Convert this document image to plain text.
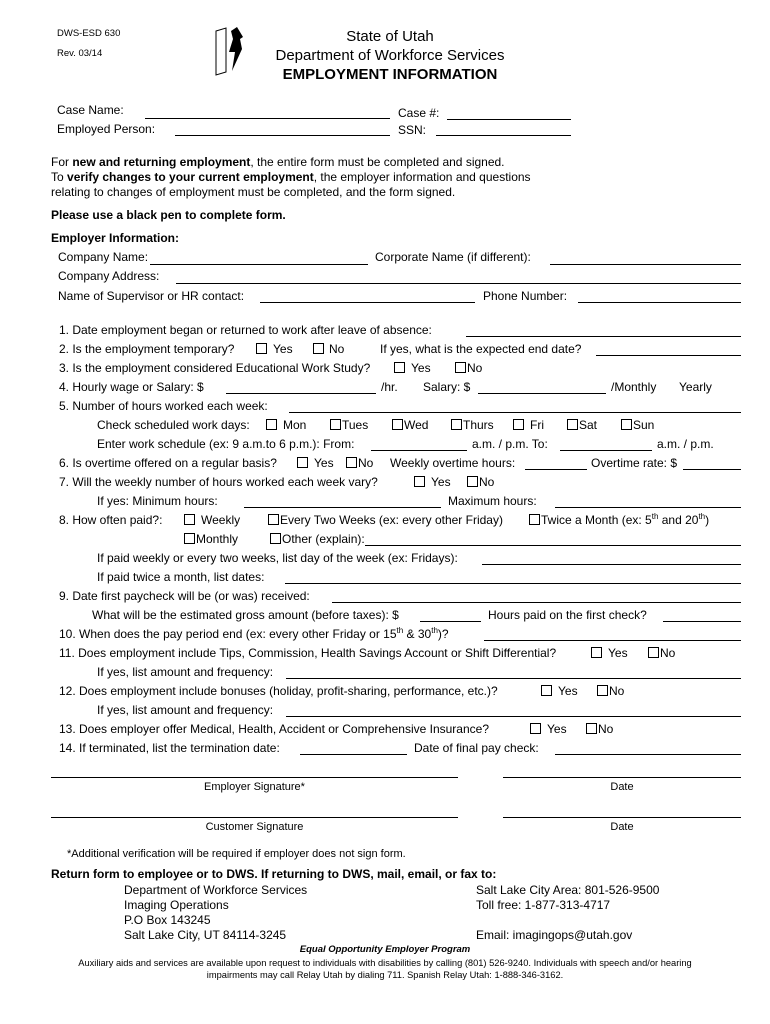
DWS-ESD 630
Rev. 03/14
State of Utah
Department of Workforce Services
EMPLOYMENT INFORMATION
Case Name:
Employed Person:
Case #:
SSN:
For new and returning employment, the entire form must be completed and signed.
To verify changes to your current employment, the employer information and questions
relating to changes of employment must be completed, and the form signed.
Please use a black pen to complete form.
Employer Information:
Company Name:	Corporate Name (if different):
Company Address:
Name of Supervisor or HR contact:	Phone Number:
1. Date employment began or returned to work after leave of absence:
2. Is the employment temporary?	Yes	No	If yes, what is the expected end date?
3. Is the employment considered Educational Work Study?	Yes	No
4. Hourly wage or Salary: $	/hr. Salary: $	/Monthly Yearly
5. Number of hours worked each week:
Check scheduled work days:	Mon	Tues	Wed	Thurs	Fri	Sat	Sun
Enter work schedule (ex: 9 a.m.to 6 p.m.): From:	a.m. / p.m. To:	a.m. / p.m.
6. Is overtime offered on a regular basis?	Yes No Weekly overtime hours:	Overtime rate: $
7. Will the weekly number of hours worked each week vary?	Yes No
If yes: Minimum hours:	Maximum hours:
8. How often paid?:	Weekly	Every Two Weeks (ex: every other Friday)	Twice a Month (ex: 5th and 20th)
Monthly	Other (explain):
If paid weekly or every two weeks, list day of the week (ex: Fridays):
If paid twice a month, list dates:
9. Date first paycheck will be (or was) received:
What will be the estimated gross amount (before taxes): $	Hours paid on the first check?
10. When does the pay period end (ex: every other Friday or 15th & 30th)?
11. Does employment include Tips, Commission, Health Savings Account or Shift Differential?	Yes	No
If yes, list amount and frequency:
12. Does employment include bonuses (holiday, profit-sharing, performance, etc.)?	Yes	No
If yes, list amount and frequency:
13. Does employer offer Medical, Health, Accident or Comprehensive Insurance?	Yes	No
14. If terminated, list the termination date:	Date of final pay check:
Employer Signature*	Date
Customer Signature	Date
*Additional verification will be required if employer does not sign form.
Return form to employee or to DWS. If returning to DWS, mail, email, or fax to:
Department of Workforce Services
Imaging Operations
P.O Box 143245
Salt Lake City, UT 84114-3245
Salt Lake City Area: 801-526-9500
Toll free: 1-877-313-4717
Email: imagingops@utah.gov
Equal Opportunity Employer Program
Auxiliary aids and services are available upon request to individuals with disabilities by calling (801) 526-9240. Individuals with speech and/or hearing
impairments may call Relay Utah by dialing 711. Spanish Relay Utah: 1-888-346-3162.
